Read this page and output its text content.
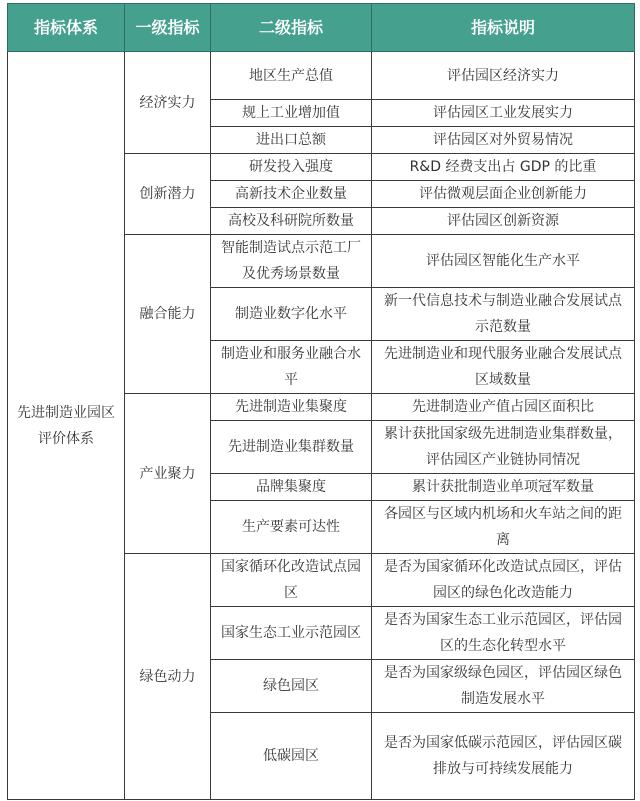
指标体系	一级指标	二级指标	指标说明
先进制造业园区评价体系	经济实力	地区生产总值	评估园区经济实力
		规上工业增加值	评估园区工业发展实力
		进出口总额	评估园区对外贸易情况
	创新潜力	研发投入强度	R&D 经费支出占 GDP 的比重
		高新技术企业数量	评估微观层面企业创新能力
		高校及科研院所数量	评估园区创新资源
	融合能力	智能制造试点示范工厂及优秀场景数量	评估园区智能化生产水平
		制造业数字化水平	新一代信息技术与制造业融合发展试点示范数量
		制造业和服务业融合水平	先进制造业和现代服务业融合发展试点区域数量
	产业聚力	先进制造业集聚度	先进制造业产值占园区面积比
		先进制造业集群数量	累计获批国家级先进制造业集群数量，评估园区产业链协同情况
		品牌集聚度	累计获批制造业单项冠军数量
		生产要素可达性	各园区与区域内机场和火车站之间的距离
	绿色动力	国家循环化改造试点园区	是否为国家循环化改造试点园区，评估园区的绿色化改造能力
		国家生态工业示范园区	是否为国家生态工业示范园区，评估园区的生态化转型水平
		绿色园区	是否为国家级绿色园区，评估园区绿色制造发展水平
		低碳园区	是否为国家低碳示范园区，评估园区碳排放与可持续发展能力
